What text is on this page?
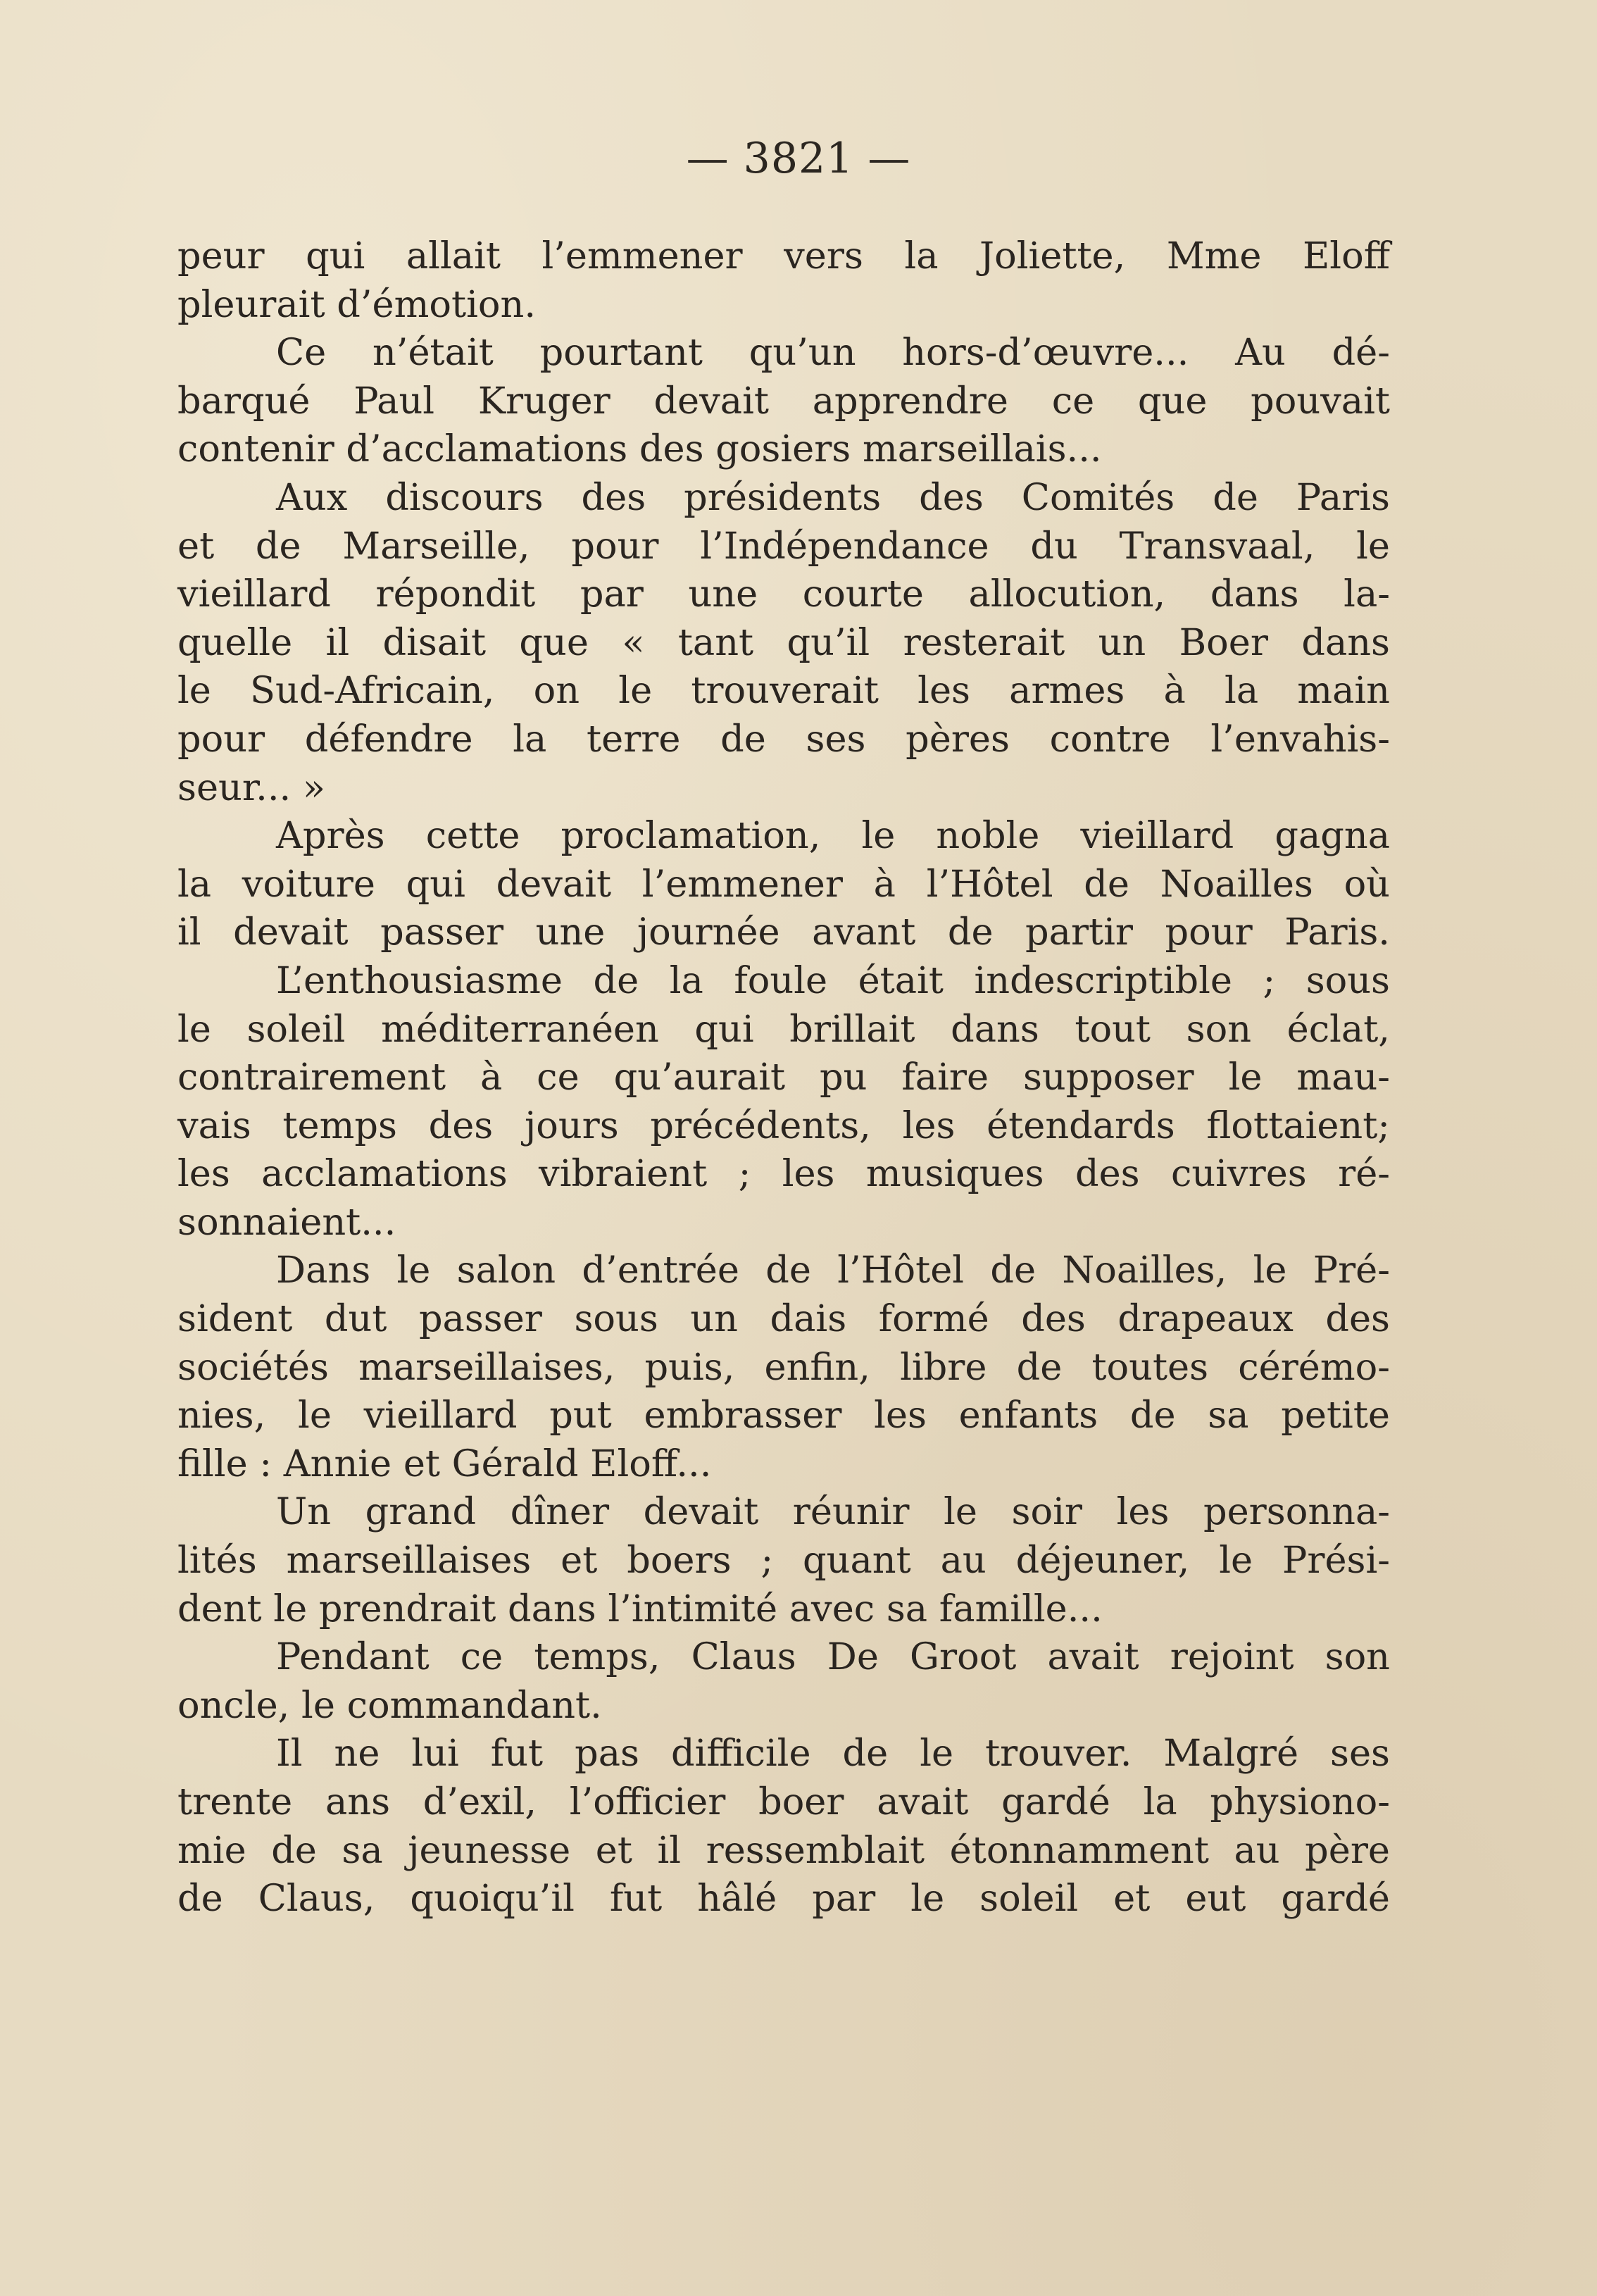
— 3821 —
peur qui allait l’emmener vers la Joliette, Mme Eloff
pleurait d’émotion.
Ce n’était pourtant qu’un hors-d’œuvre... Au dé-
barqué Paul Kruger devait apprendre ce que pouvait
contenir d’acclamations des gosiers marseillais...
Aux discours des présidents des Comités de Paris
et de Marseille, pour l’Indépendance du Transvaal, le
vieillard répondit par une courte allocution, dans la-
quelle il disait que « tant qu’il resterait un Boer dans
le Sud-Africain, on le trouverait les armes à la main
pour défendre la terre de ses pères contre l’envahis-
seur... »
Après cette proclamation, le noble vieillard gagna
la voiture qui devait l’emmener à l’Hôtel de Noailles où
il devait passer une journée avant de partir pour Paris.
L’enthousiasme de la foule était indescriptible ; sous
le soleil méditerranéen qui brillait dans tout son éclat,
contrairement à ce qu’aurait pu faire supposer le mau-
vais temps des jours précédents, les étendards flottaient;
les acclamations vibraient ; les musiques des cuivres ré-
sonnaient...
Dans le salon d’entrée de l’Hôtel de Noailles, le Pré-
sident dut passer sous un dais formé des drapeaux des
sociétés marseillaises, puis, enfin, libre de toutes cérémo-
nies, le vieillard put embrasser les enfants de sa petite
fille : Annie et Gérald Eloff...
Un grand dîner devait réunir le soir les personna-
lités marseillaises et boers ; quant au déjeuner, le Prési-
dent le prendrait dans l’intimité avec sa famille...
Pendant ce temps, Claus De Groot avait rejoint son
oncle, le commandant.
Il ne lui fut pas difficile de le trouver. Malgré ses
trente ans d’exil, l’officier boer avait gardé la physiono-
mie de sa jeunesse et il ressemblait étonnamment au père
de Claus, quoiqu’il fut hâlé par le soleil et eut gardé
